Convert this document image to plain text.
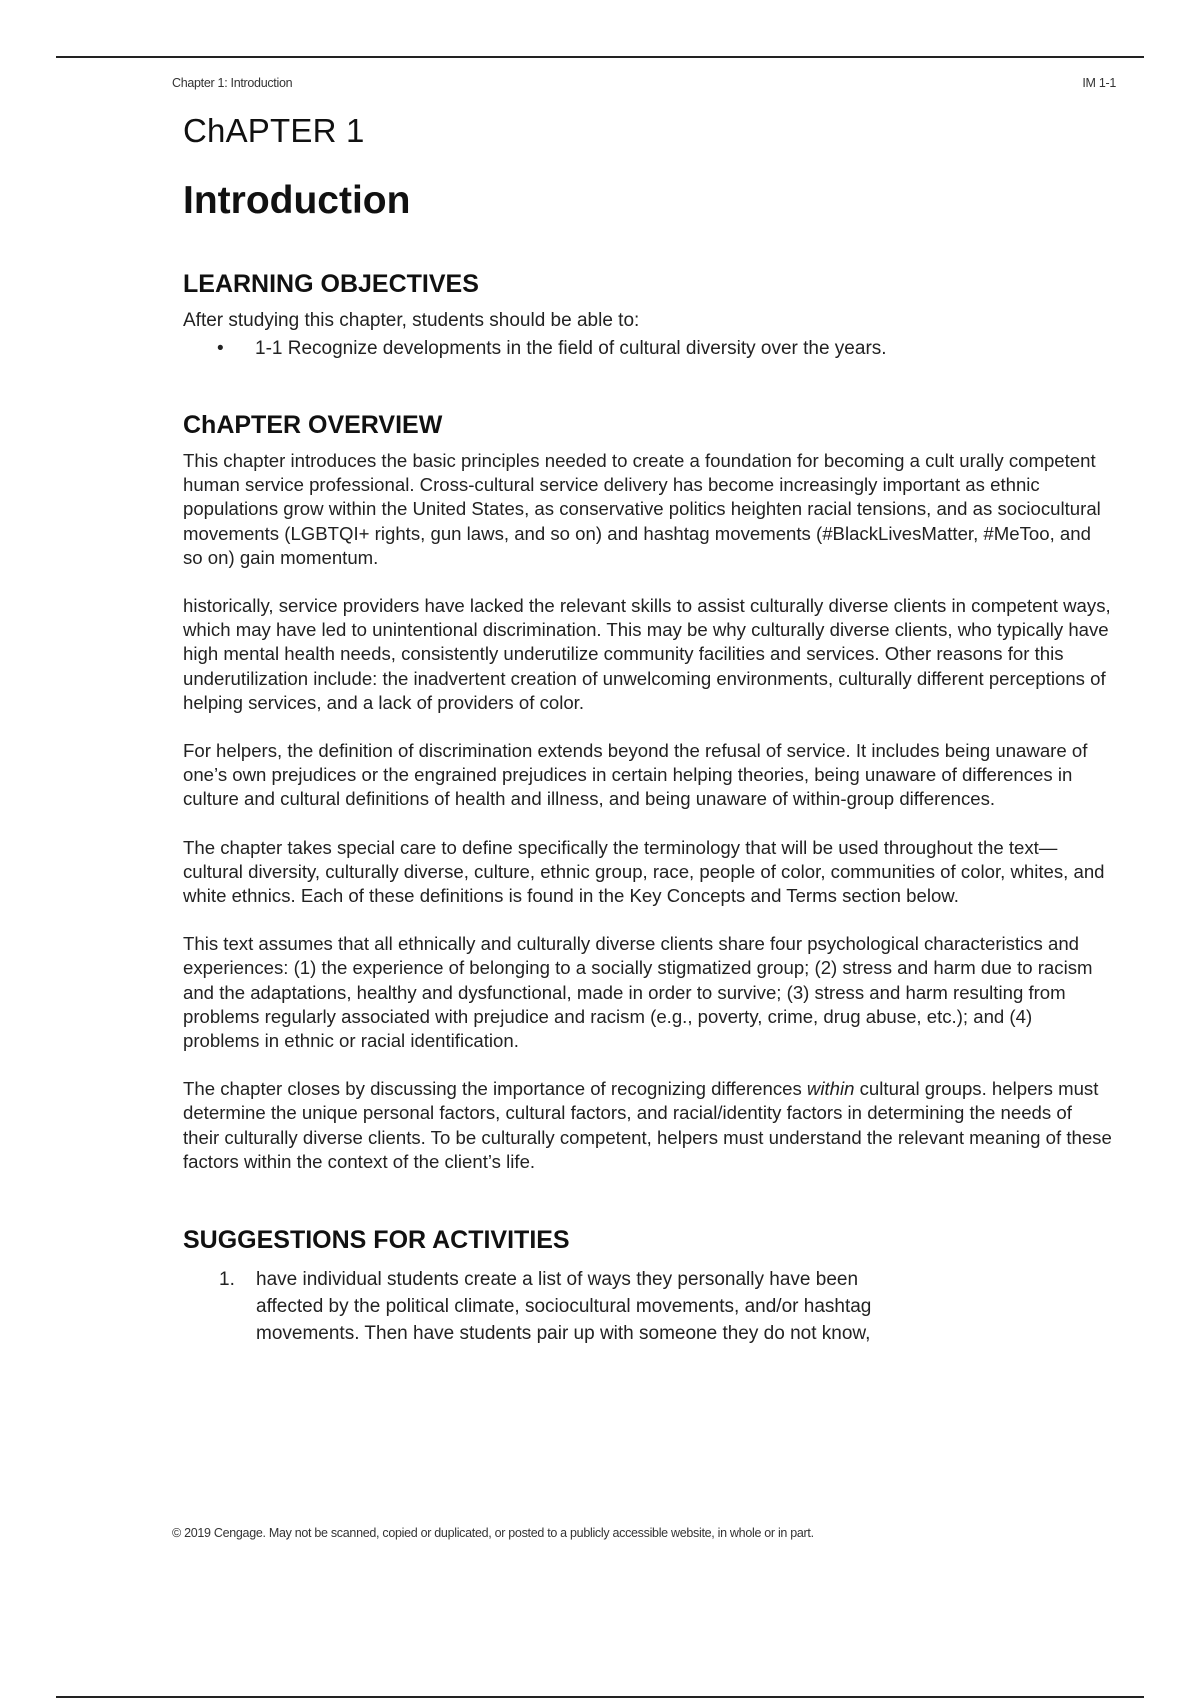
Chapter 1: Introduction	IM 1-1
ChAPTER 1
Introduction
LEARNING OBJECTIVES

After studying this chapter, students should be able to:

• 1-1 Recognize developments in the field of cultural diversity over the years.
ChAPTER OVERVIEW

This chapter introduces the basic principles needed to create a foundation for becoming a cult urally competent human service professional. Cross-cultural service delivery has become increasingly important as ethnic populations grow within the United States, as conservative politics heighten racial tensions, and as sociocultural movements (LGBTQI+ rights, gun laws, and so on) and hashtag movements (#BlackLivesMatter, #MeToo, and so on) gain momentum.

historically, service providers have lacked the relevant skills to assist culturally diverse clients in competent ways, which may have led to unintentional discrimination. This may be why culturally diverse clients, who typically have high mental health needs, consistently underutilize community facilities and services. Other reasons for this underutilization include: the inadvertent creation of unwelcoming environments, culturally different perceptions of helping services, and a lack of providers of color.

For helpers, the definition of discrimination extends beyond the refusal of service. It includes being unaware of one’s own prejudices or the engrained prejudices in certain helping theories, being unaware of differences in culture and cultural definitions of health and illness, and being unaware of within-group differences.

The chapter takes special care to define specifically the terminology that will be used throughout the text—cultural diversity, culturally diverse, culture, ethnic group, race, people of color, communities of color, whites, and white ethnics. Each of these definitions is found in the Key Concepts and Terms section below.

This text assumes that all ethnically and culturally diverse clients share four psychological characteristics and experiences: (1) the experience of belonging to a socially stigmatized group; (2) stress and harm due to racism and the adaptations, healthy and dysfunctional, made in order to survive; (3) stress and harm resulting from problems regularly associated with prejudice and racism (e.g., poverty, crime, drug abuse, etc.); and (4) problems in ethnic or racial identification.

The chapter closes by discussing the importance of recognizing differences within cultural groups. helpers must determine the unique personal factors, cultural factors, and racial/identity factors in determining the needs of their culturally diverse clients. To be culturally competent, helpers must understand the relevant meaning of these factors within the context of the client’s life.

SUGGESTIONS FOR ACTIVITIES
1. have individual students create a list of ways they personally have been affected by the political climate, sociocultural movements, and/or hashtag movements. Then have students pair up with someone they do not know,
© 2019 Cengage. May not be scanned, copied or duplicated, or posted to a publicly accessible website, in whole or in part.
